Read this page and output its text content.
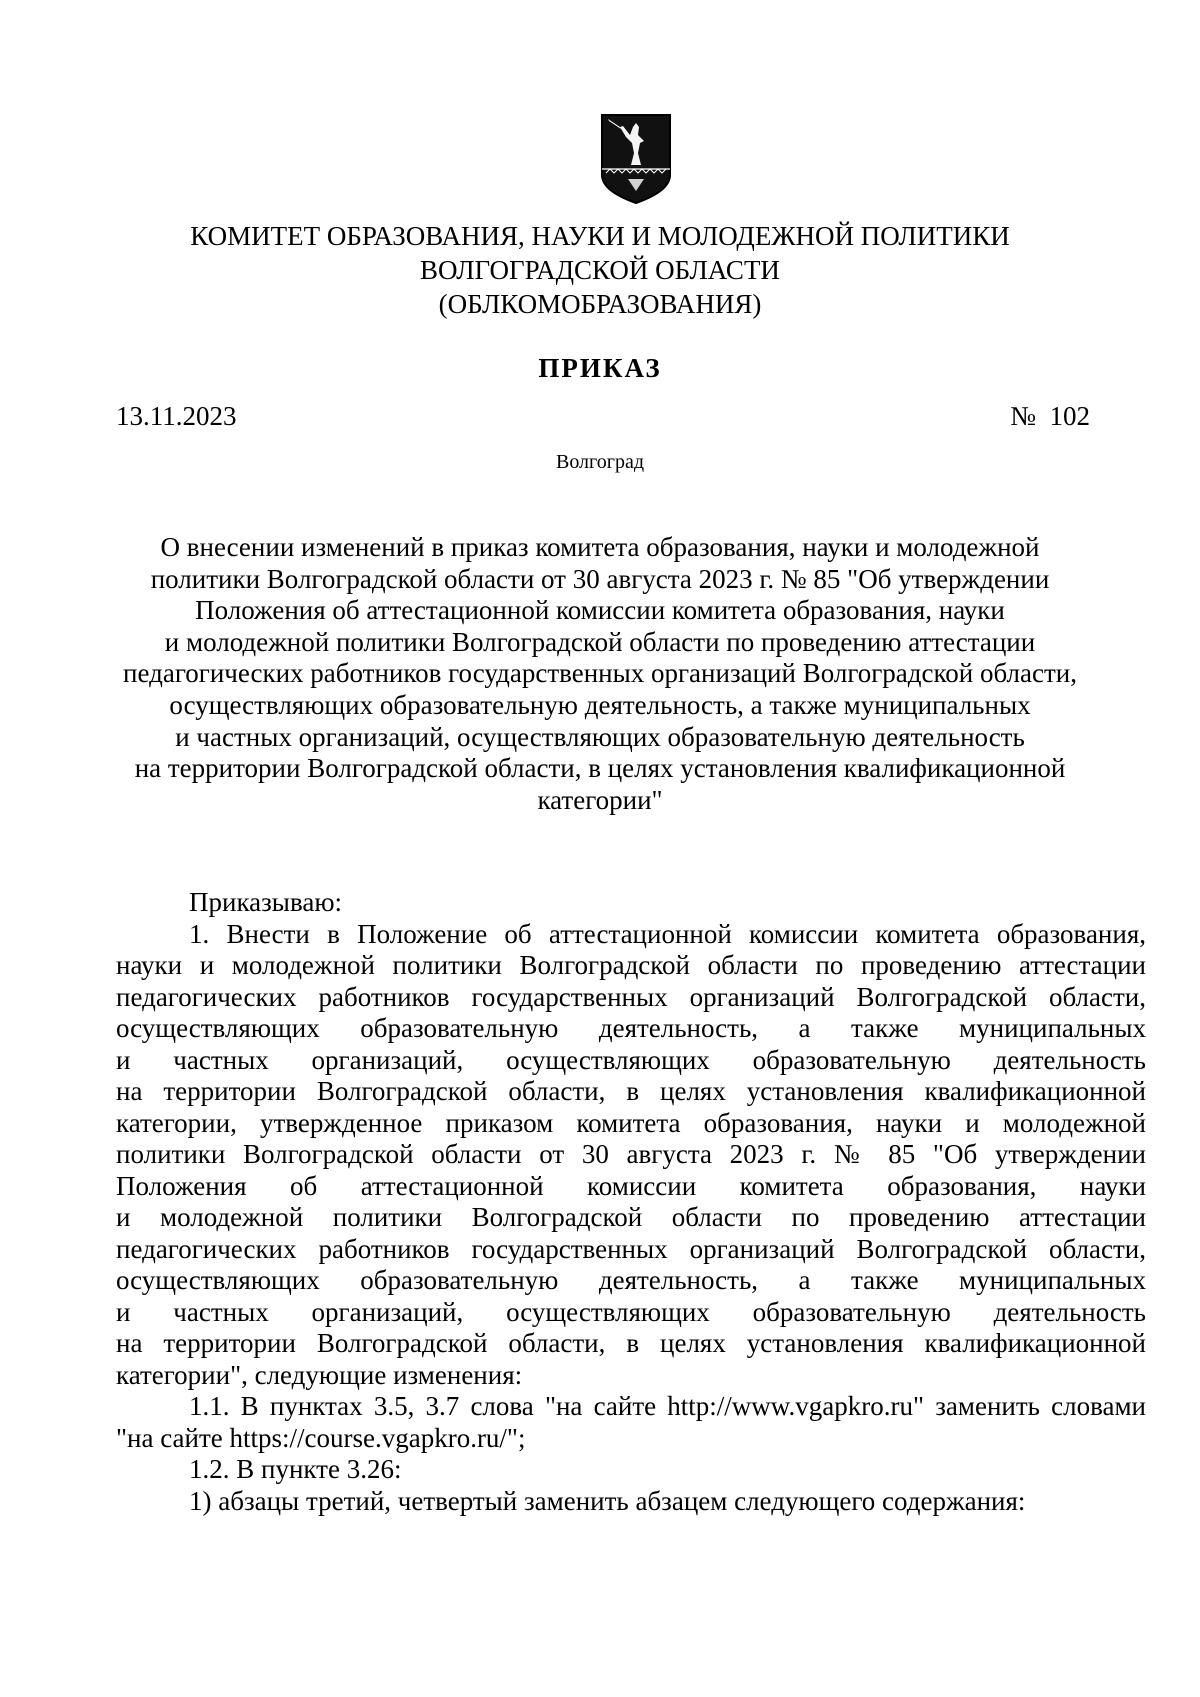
КОМИТЕТ ОБРАЗОВАНИЯ, НАУКИ И МОЛОДЕЖНОЙ ПОЛИТИКИ
ВОЛГОГРАДСКОЙ ОБЛАСТИ
(ОБЛКОМОБРАЗОВАНИЯ)
ПРИКАЗ
13.11.2023	№  102
Волгоград
О внесении изменений в приказ комитета образования, науки и молодежной
политики Волгоградской области от 30 августа 2023 г. № 85 "Об утверждении
Положения об аттестационной комиссии комитета образования, науки
и молодежной политики Волгоградской области по проведению аттестации
педагогических работников государственных организаций Волгоградской области,
осуществляющих образовательную деятельность, а также муниципальных
и частных организаций, осуществляющих образовательную деятельность
на территории Волгоградской области, в целях установления квалификационной
категории"
Приказываю:
1. Внести в Положение об аттестационной комиссии комитета образования,
науки и молодежной политики Волгоградской области по проведению аттестации
педагогических работников государственных организаций Волгоградской области,
осуществляющих образовательную деятельность, а также муниципальных
и частных организаций, осуществляющих образовательную деятельность
на территории Волгоградской области, в целях установления квалификационной
категории, утвержденное приказом комитета образования, науки и молодежной
политики Волгоградской области от 30 августа 2023 г. № 85 "Об утверждении
Положения об аттестационной комиссии комитета образования, науки
и молодежной политики Волгоградской области по проведению аттестации
педагогических работников государственных организаций Волгоградской области,
осуществляющих образовательную деятельность, а также муниципальных
и частных организаций, осуществляющих образовательную деятельность
на территории Волгоградской области, в целях установления квалификационной
категории", следующие изменения:
1.1. В пунктах 3.5, 3.7 слова "на сайте http://www.vgapkro.ru" заменить словами
"на сайте https://course.vgapkro.ru/";
1.2. В пункте 3.26:
1) абзацы третий, четвертый заменить абзацем следующего содержания:
